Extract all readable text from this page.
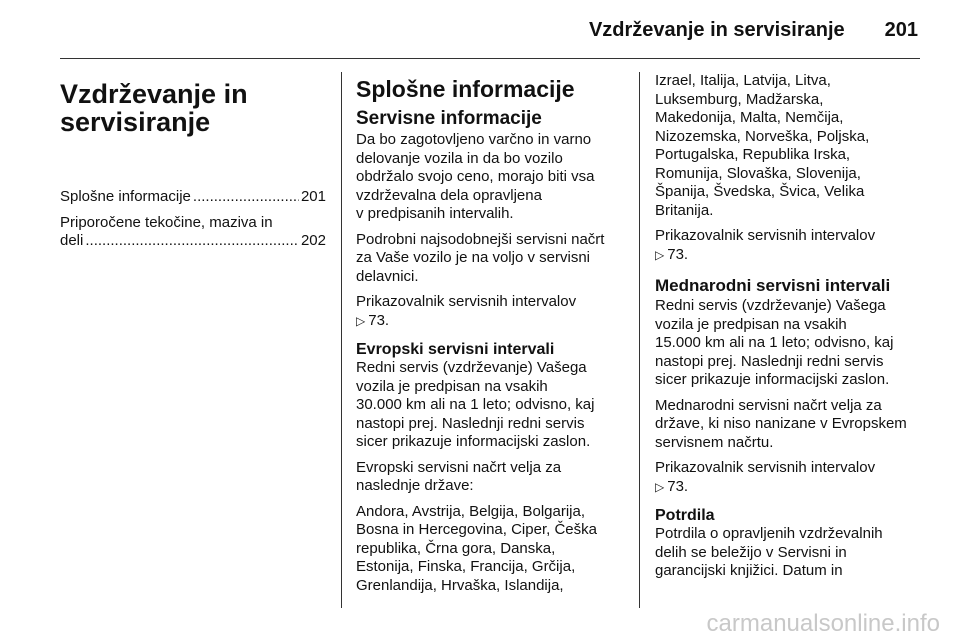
Vzdrževanje in servisiranje 201
Vzdrževanje in
servisiranje
Splošne informacije .....	201
Priporočene tekočine, maziva in
deli .....	202
Splošne informacije
Servisne informacije

Da bo zagotovljeno varčno in varno
delovanje vozila in da bo vozilo
obdržalo svojo ceno, morajo biti vsa
vzdrževalna dela opravljena
v predpisanih intervalih.

Podrobni najsodobnejši servisni načrt
za Vaše vozilo je na voljo v servisni
delavnici.

Prikazovalnik servisnih intervalov
▷ 73.

Evropski servisni intervali

Redni servis (vzdrževanje) Vašega
vozila je predpisan na vsakih
30.000 km ali na 1 leto; odvisno, kaj
nastopi prej. Naslednji redni servis
sicer prikazuje informacijski zaslon.

Evropski servisni načrt velja za
naslednje države:

Andora, Avstrija, Belgija, Bolgarija,
Bosna in Hercegovina, Ciper, Češka
republika, Črna gora, Danska,
Estonija, Finska, Francija, Grčija,
Grenlandija, Hrvaška, Islandija,

Izrael, Italija, Latvija, Litva,
Luksemburg, Madžarska,
Makedonija, Malta, Nemčija,
Nizozemska, Norveška, Poljska,
Portugalska, Republika Irska,
Romunija, Slovaška, Slovenija,
Španija, Švedska, Švica, Velika
Britanija.

Prikazovalnik servisnih intervalov
▷ 73.

Mednarodni servisni intervali

Redni servis (vzdrževanje) Vašega
vozila je predpisan na vsakih
15.000 km ali na 1 leto; odvisno, kaj
nastopi prej. Naslednji redni servis
sicer prikazuje informacijski zaslon.

Mednarodni servisni načrt velja za
države, ki niso nanizane v Evropskem
servisnem načrtu.

Prikazovalnik servisnih intervalov
▷ 73.

Potrdila

Potrdila o opravljenih vzdrževalnih
delih se beležijo v Servisni in
garancijski knjižici. Datum in

carmanualsonline.info
